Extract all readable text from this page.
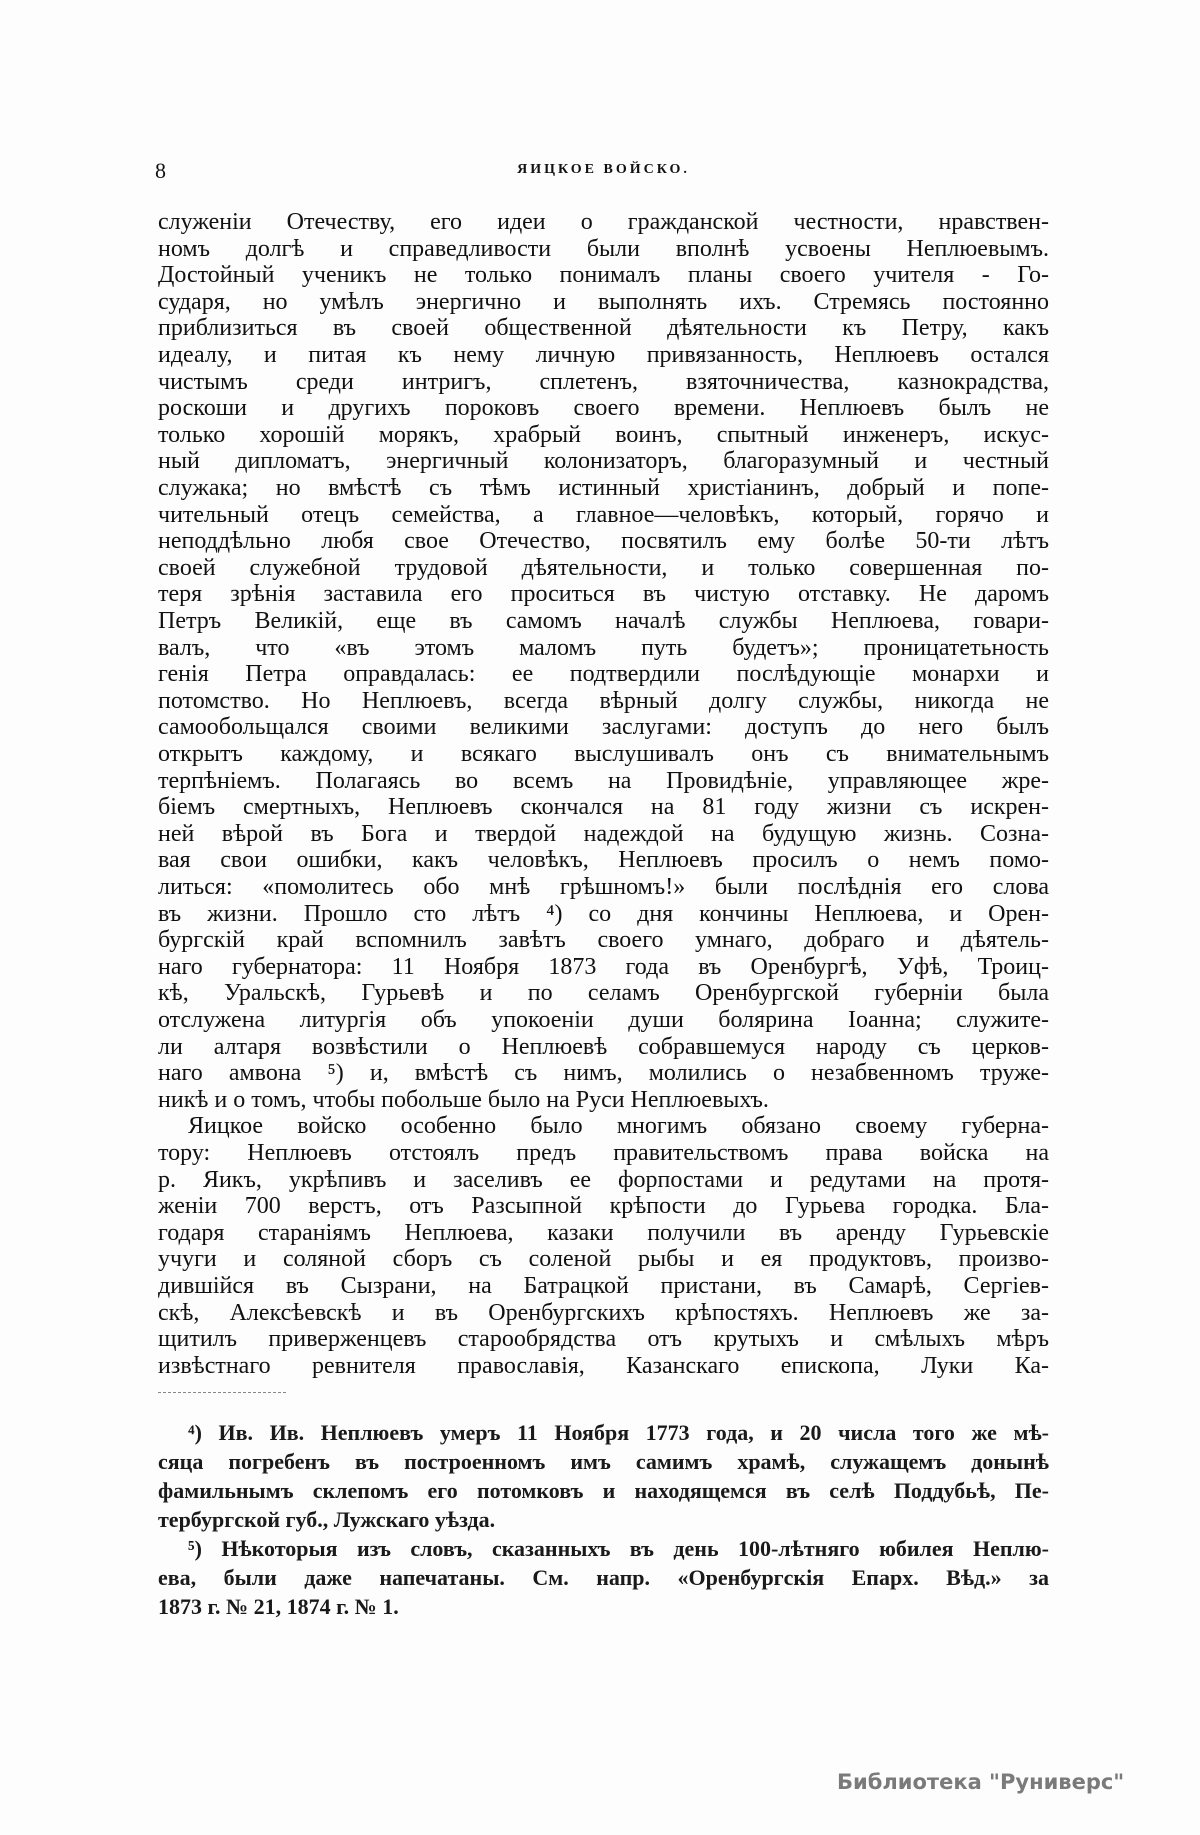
8	ЯИЦКОЕ ВОЙСКО.
служеніи Отечеству, его идеи о гражданской честности, нравствен-
номъ долгѣ и справедливости были вполнѣ усвоены Неплюевымъ.
Достойный ученикъ не только понималъ планы своего учителя - Го-
сударя, но умѣлъ энергично и выполнять ихъ. Стремясь постоянно
приблизиться въ своей общественной дѣятельности къ Петру, какъ
идеалу, и питая къ нему личную привязанность, Неплюевъ остался
чистымъ среди интригъ, сплетенъ, взяточничества, казнокрадства,
роскоши и другихъ пороковъ своего времени. Неплюевъ былъ не
только хорошій морякъ, храбрый воинъ, спытный инженеръ, искус-
ный дипломатъ, энергичный колонизаторъ, благоразумный и честный
служака; но вмѣстѣ съ тѣмъ истинный христіанинъ, добрый и попе-
чительный отецъ семейства, а главное—человѣкъ, который, горячо и
неподдѣльно любя свое Отечество, посвятилъ ему болѣе 50-ти лѣтъ
своей служебной трудовой дѣятельности, и только совершенная по-
теря зрѣнія заставила его проситься въ чистую отставку. Не даромъ
Петръ Великій, еще въ самомъ началѣ службы Неплюева, говари-
валъ, что «въ этомъ маломъ путь будетъ»; проницатетьность
генія Петра оправдалась: ее подтвердили послѣдующіе монархи и
потомство. Но Неплюевъ, всегда вѣрный долгу службы, никогда не
самообольщался своими великими заслугами: доступъ до него былъ
открытъ каждому, и всякаго выслушивалъ онъ съ внимательнымъ
терпѣніемъ. Полагаясь во всемъ на Провидѣніе, управляющее жре-
біемъ смертныхъ, Неплюевъ скончался на 81 году жизни съ искрен-
ней вѣрой въ Бога и твердой надеждой на будущую жизнь. Созна-
вая свои ошибки, какъ человѣкъ, Неплюевъ просилъ о немъ помо-
литься: «помолитесь обо мнѣ грѣшномъ!» были послѣднія его слова
въ жизни. Прошло сто лѣтъ ⁴) со дня кончины Неплюева, и Орен-
бургскій край вспомнилъ завѣтъ своего умнаго, добраго и дѣятель-
наго губернатора: 11 Ноября 1873 года въ Оренбургѣ, Уфѣ, Троиц-
кѣ, Уральскѣ, Гурьевѣ и по селамъ Оренбургской губерніи была
отслужена литургія объ упокоеніи души болярина Іоанна; служите-
ли алтаря возвѣстили о Неплюевѣ собравшемуся народу съ церков-
наго амвона ⁵) и, вмѣстѣ съ нимъ, молились о незабвенномъ труже-
никѣ и о томъ, чтобы побольше было на Руси Неплюевыхъ.
Яицкое войско особенно было многимъ обязано своему губерна-
тору: Неплюевъ отстоялъ предъ правительствомъ права войска на
р. Яикъ, укрѣпивъ и заселивъ ее форпостами и редутами на протя-
женіи 700 верстъ, отъ Разсыпной крѣпости до Гурьева городка. Бла-
годаря стараніямъ Неплюева, казаки получили въ аренду Гурьевскіе
учуги и соляной сборъ съ соленой рыбы и ея продуктовъ, произво-
дившійся въ Сызрани, на Батрацкой пристани, въ Самарѣ, Сергіев-
скѣ, Алексѣевскѣ и въ Оренбургскихъ крѣпостяхъ. Неплюевъ же за-
щитилъ приверженцевъ старообрядства отъ крутыхъ и смѣлыхъ мѣръ
извѣстнаго ревнителя православія, Казанскаго епископа, Луки Ка-
⁴) Ив. Ив. Неплюевъ умеръ 11 Ноября 1773 года, и 20 числа того же мѣ-
сяца погребенъ въ построенномъ имъ самимъ храмѣ, служащемъ донынѣ
фамильнымъ склепомъ его потомковъ и находящемся въ селѣ Поддубьѣ, Пе-
тербургской губ., Лужскаго уѣзда.
⁵) Нѣкоторыя изъ словъ, сказанныхъ въ день 100-лѣтняго юбилея Неплю-
ева, были даже напечатаны. См. напр. «Оренбургскія Епарх. Вѣд.» за
1873 г. № 21, 1874 г. № 1.
Библиотека "Руниверс"
